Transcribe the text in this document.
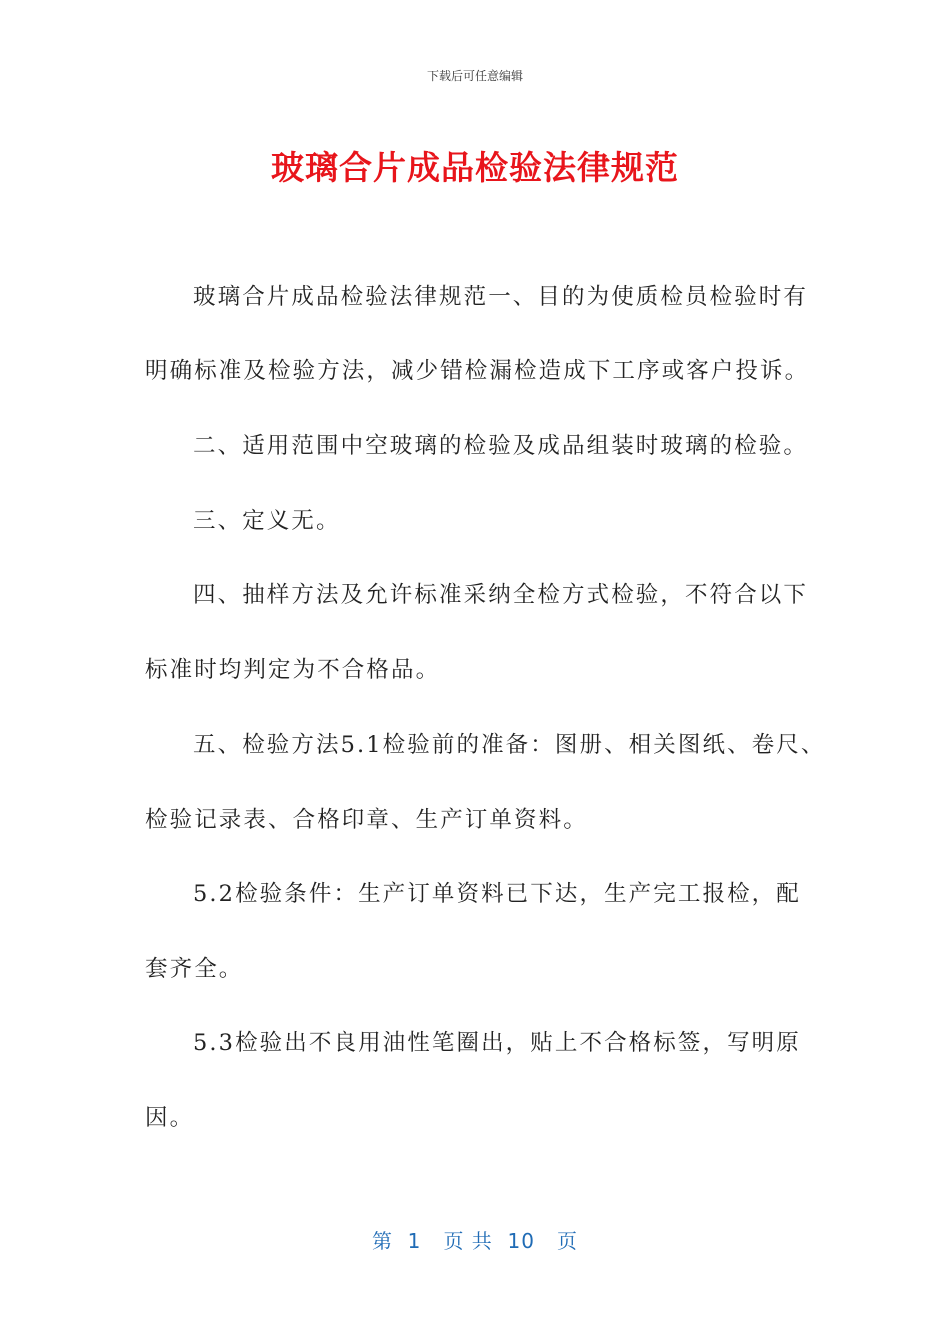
下载后可任意编辑
玻璃合片成品检验法律规范
玻璃合片成品检验法律规范一、目的为使质检员检验时有
明确标准及检验方法，减少错检漏检造成下工序或客户投诉。
二、适用范围中空玻璃的检验及成品组装时玻璃的检验。
三、定义无。
四、抽样方法及允许标准采纳全检方式检验，不符合以下
标准时均判定为不合格品。
五、检验方法5.1检验前的准备：图册、相关图纸、卷尺、
检验记录表、合格印章、生产订单资料。
5.2检验条件：生产订单资料已下达，生产完工报检，配
套齐全。
5.3检验出不良用油性笔圈出，贴上不合格标签，写明原
因。
第  1   页 共  10   页
